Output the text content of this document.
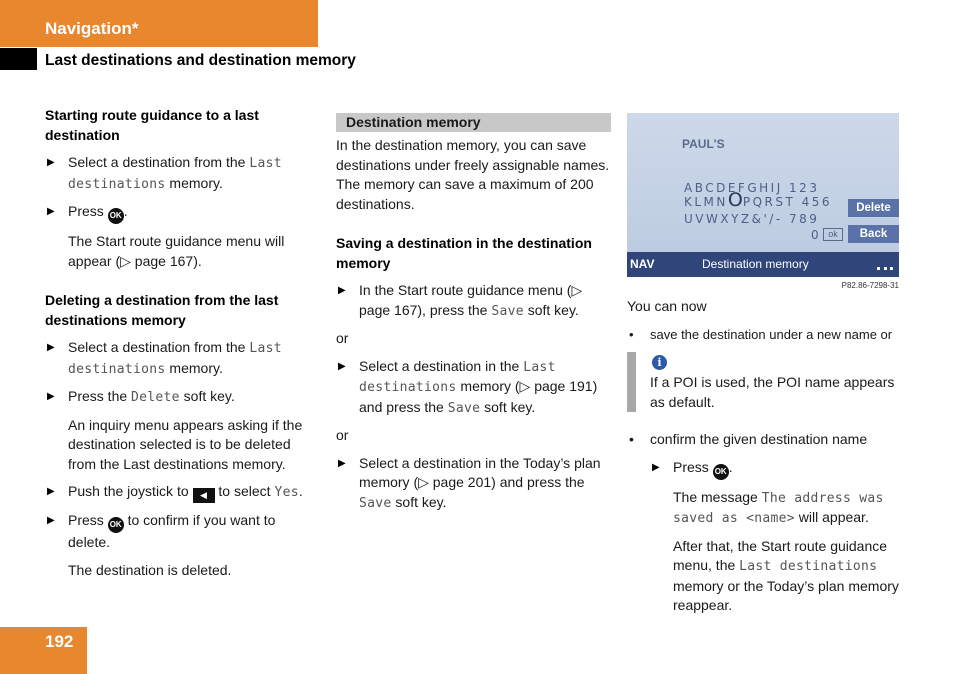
Navigation*
Last destinations and destination memory
Starting route guidance to a last destination
▶ Select a destination from the Last destinations memory.
▶ Press OK .
The Start route guidance menu will appear (▷ page 167).
Deleting a destination from the last destinations memory
▶ Select a destination from the Last destinations memory.
▶ Press the Delete soft key.
An inquiry menu appears asking if the destination selected is to be deleted from the Last destinations memory.
▶ Push the joystick to ◀ to select Yes.
▶ Press OK to confirm if you want to delete.
The destination is deleted.
Destination memory
In the destination memory, you can save destinations under freely assignable names. The memory can save a maximum of 200 destinations.
Saving a destination in the destination memory
▶ In the Start route guidance menu (▷ page 167), press the Save soft key.
or
▶ Select a destination in the Last destinations memory (▷ page 191) and press the Save soft key.
or
▶ Select a destination in the Today’s plan memory (▷ page 201) and press the Save soft key.
PAUL'S
ABCDEFGHIJ 123
KLMNOPQRST 456
UVWXYZ&'/- 789
0 ok
Delete
Back
NAV	Destination memory
P82.86-7298-31
You can now
• save the destination under a new name or
i
If a POI is used, the POI name appears as default.
• confirm the given destination name
▶ Press OK .
The message The address was saved as <name> will appear.
After that, the Start route guidance menu, the Last destinations memory or the Today’s plan memory reappear.
192
